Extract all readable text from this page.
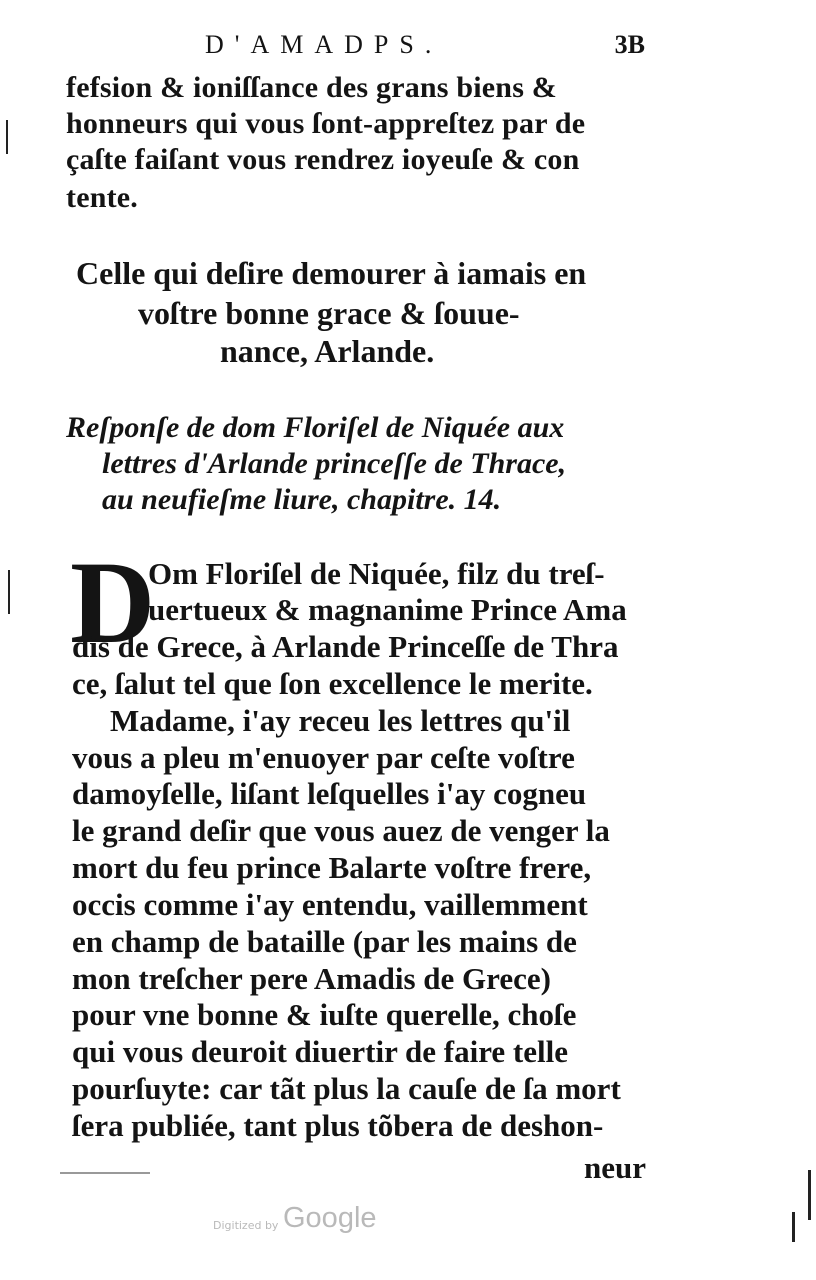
D'AMADPS.	3B

fefsion & ioniſſance des grans biens &

honneurs qui vous ſont-appreſtez par de

çaſte faiſant vous rendrez ioyeuſe & con

tente.

Celle qui deſire demourer à iamais en

voſtre bonne grace & ſouue-

nance, Arlande.

Reſponſe de dom Floriſel de Niquée aux

lettres d'Arlande princeſſe de Thrace,

au neufieſme liure, chapitre. 14.

D

Om Floriſel de Niquée, filz du treſ-

uertueux & magnanime Prince Ama

dis de Grece, à Arlande Princeſſe de Thra

ce, ſalut tel que ſon excellence le merite.

Madame, i'ay receu les lettres qu'il

vous a pleu m'enuoyer par ceſte voſtre

damoyſelle, liſant leſquelles i'ay cogneu

le grand deſir que vous auez de venger la

mort du feu prince Balarte voſtre frere,

occis comme i'ay entendu, vaillemment

en champ de bataille (par les mains de

mon treſcher pere Amadis de Grece)

pour vne bonne & iuſte querelle, choſe

qui vous deuroit diuertir de faire telle

pourſuyte: car tãt plus la cauſe de ſa mort

ſera publiée, tant plus tõbera de deshon-

neur

Digitized by Google
